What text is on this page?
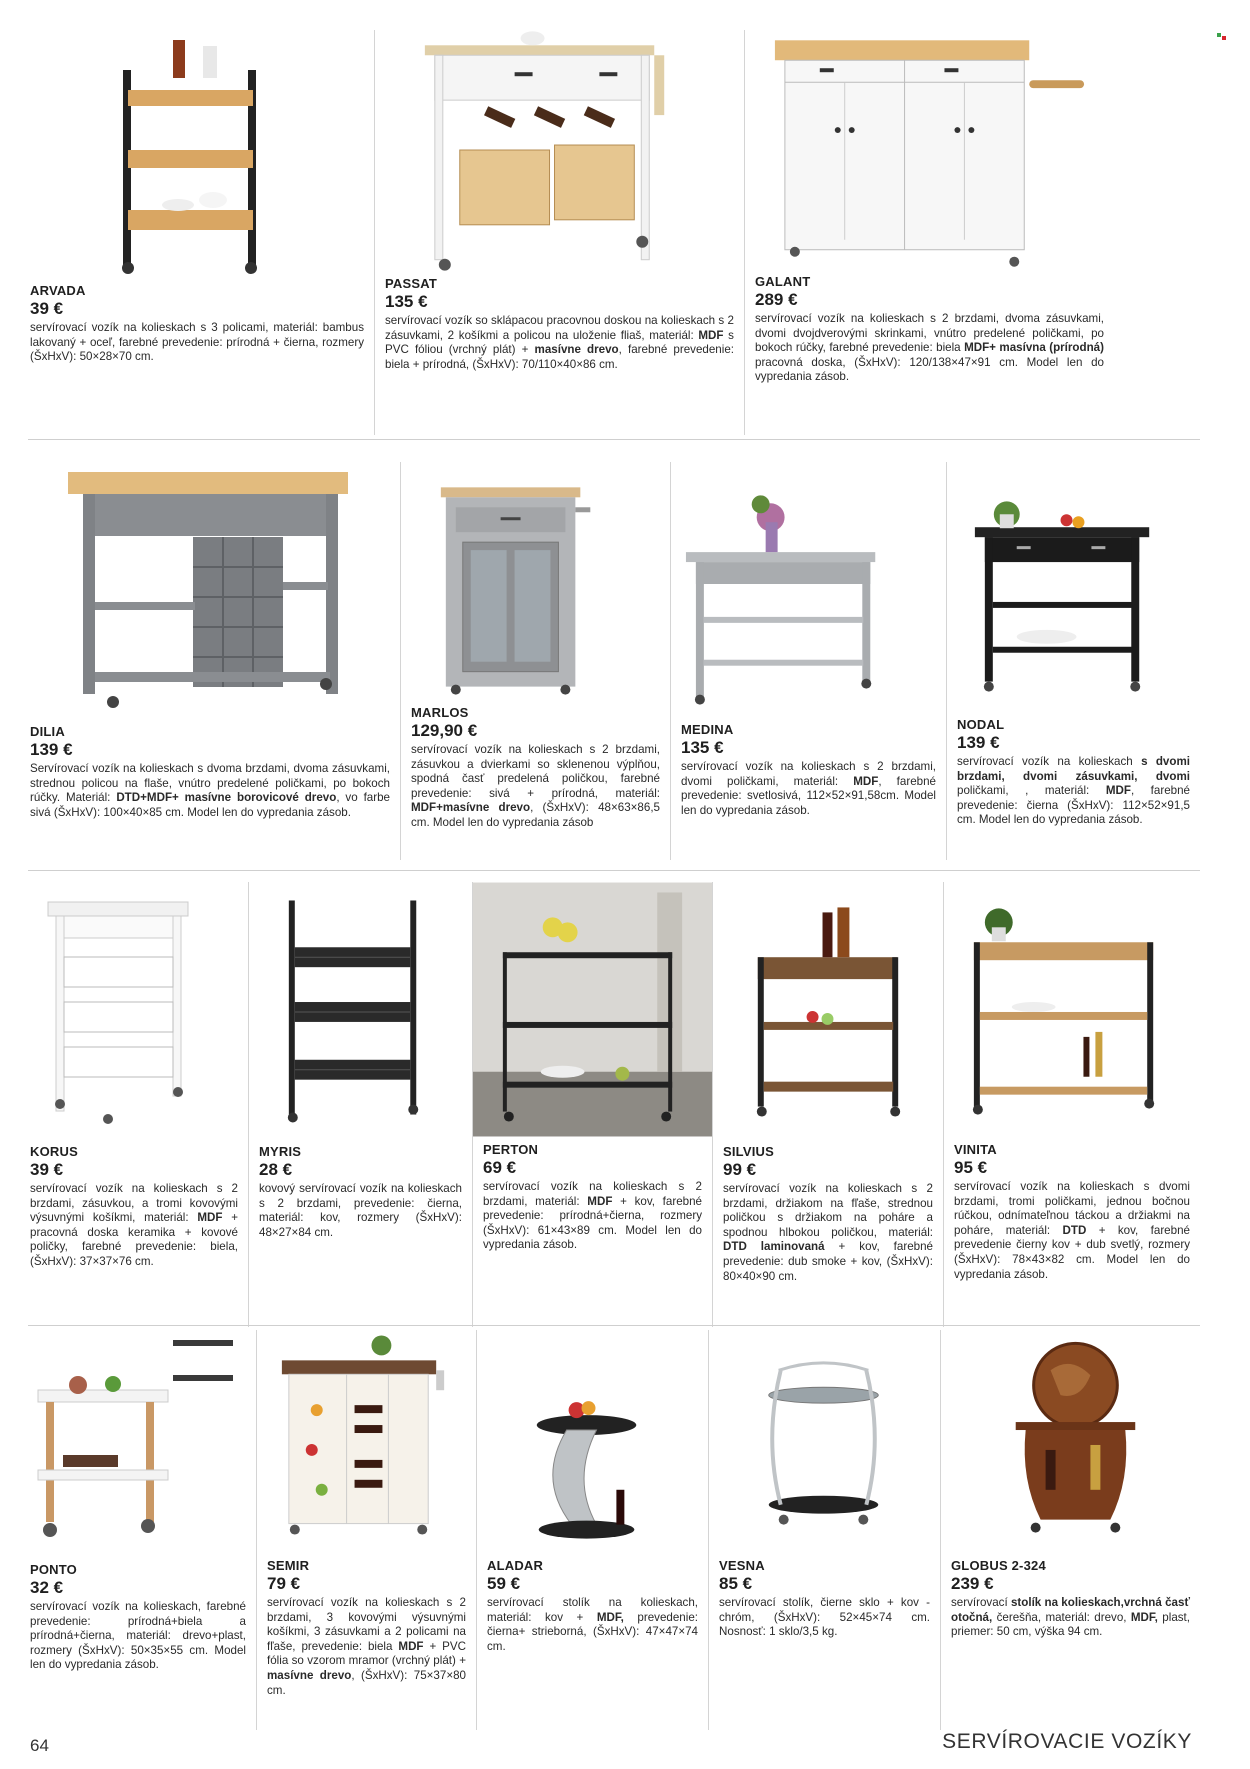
ARVADA
39 €
servírovací vozík na kolieskach s 3 policami, materiál: bambus lakovaný + oceľ, farebné prevedenie: prírodná + čierna, rozmery (ŠxHxV): 50×28×70 cm.
PASSAT
135 €
servírovací vozík so sklápacou pracovnou doskou na kolieskach s 2 zásuvkami, 2 košíkmi a policou na uloženie fliaš, materiál: MDF s PVC fóliou (vrchný plát) + masívne drevo, farebné prevedenie: biela + prírodná, (ŠxHxV): 70/110×40×86 cm.
GALANT
289 €
servírovací vozík na kolieskach s 2 brzdami, dvoma zásuvkami, dvomi dvojdverovými skrinkami, vnútro predelené poličkami, po bokoch rúčky, farebné prevedenie: biela MDF+ masívna (prírodná) pracovná doska, (ŠxHxV): 120/138×47×91 cm. Model len do vypredania zásob.
DILIA
139 €
Servírovací vozík na kolieskach s dvoma brzdami, dvoma zásuvkami, strednou policou na flaše, vnútro predelené poličkami, po bokoch rúčky. Materiál: DTD+MDF+ masívne borovicové drevo, vo farbe sivá (ŠxHxV): 100×40×85 cm. Model len do vypredania zásob.
MARLOS
129,90 €
servírovací vozík na kolieskach s 2 brzdami, zásuvkou a dvierkami so sklenenou výplňou, spodná časť predelená poličkou, farebné prevedenie: sivá + prírodná, materiál: MDF+masívne drevo, (ŠxHxV): 48×63×86,5 cm. Model len do vypredania zásob
MEDINA
135 €
servírovací vozík na kolieskach s 2 brzdami, dvomi poličkami, materiál: MDF, farebné prevedenie: svetlosivá, 112×52×91,58cm. Model len do vypredania zásob.
NODAL
139 €
servírovací vozík na kolieskach s dvomi brzdami, dvomi zásuvkami, dvomi poličkami, , materiál: MDF, farebné prevedenie: čierna (ŠxHxV): 112×52×91,5 cm. Model len do vypredania zásob.
KORUS
39 €
servírovací vozík na kolieskach s 2 brzdami, zásuvkou, a tromi kovovými výsuvnými košíkmi, materiál: MDF + pracovná doska keramika + kovové poličky, farebné prevedenie: biela, (ŠxHxV): 37×37×76 cm.
MYRIS
28 €
kovový servírovací vozík na kolieskach s 2 brzdami, prevedenie: čierna, materiál: kov, rozmery (ŠxHxV): 48×27×84 cm.
PERTON
69 €
servírovací vozík na kolieskach s 2 brzdami, materiál: MDF + kov, farebné prevedenie: prírodná+čierna, rozmery (ŠxHxV): 61×43×89 cm. Model len do vypredania zásob.
SILVIUS
99 €
servírovací vozík na kolieskach s 2 brzdami, držiakom na fľaše, strednou poličkou s držiakom na poháre a spodnou hlbokou poličkou, materiál: DTD laminovaná + kov, farebné prevedenie: dub smoke + kov, (ŠxHxV): 80×40×90 cm.
VINITA
95 €
servírovací vozík na kolieskach s dvomi brzdami, tromi poličkami, jednou bočnou rúčkou, odnímateľnou táckou a držiakmi na poháre, materiál: DTD + kov, farebné prevedenie čierny kov + dub svetlý, rozmery (ŠxHxV): 78×43×82 cm. Model len do vypredania zásob.
PONTO
32 €
servírovací vozík na kolieskach, farebné prevedenie: prírodná+biela a prírodná+čierna, materiál: drevo+plast, rozmery (ŠxHxV): 50×35×55 cm. Model len do vypredania zásob.
SEMIR
79 €
servírovací vozík na kolieskach s 2 brzdami, 3 kovovými výsuvnými košíkmi, 3 zásuvkami a 2 policami na fľaše, prevedenie: biela MDF + PVC fólia so vzorom mramor (vrchný plát) + masívne drevo, (ŠxHxV): 75×37×80 cm.
ALADAR
59 €
servírovací stolík na kolieskach, materiál: kov + MDF, prevedenie: čierna+ strieborná, (ŠxHxV): 47×47×74 cm.
VESNA
85 €
servírovací stolík, čierne sklo + kov - chróm, (ŠxHxV): 52×45×74 cm. Nosnosť: 1 sklo/3,5 kg.
GLOBUS 2-324
239 €
servírovací stolík na kolieskach,vrchná časť otočná, čerešňa, materiál: drevo, MDF, plast, priemer: 50 cm, výška 94 cm.
64	SERVÍROVACIE VOZÍKY
